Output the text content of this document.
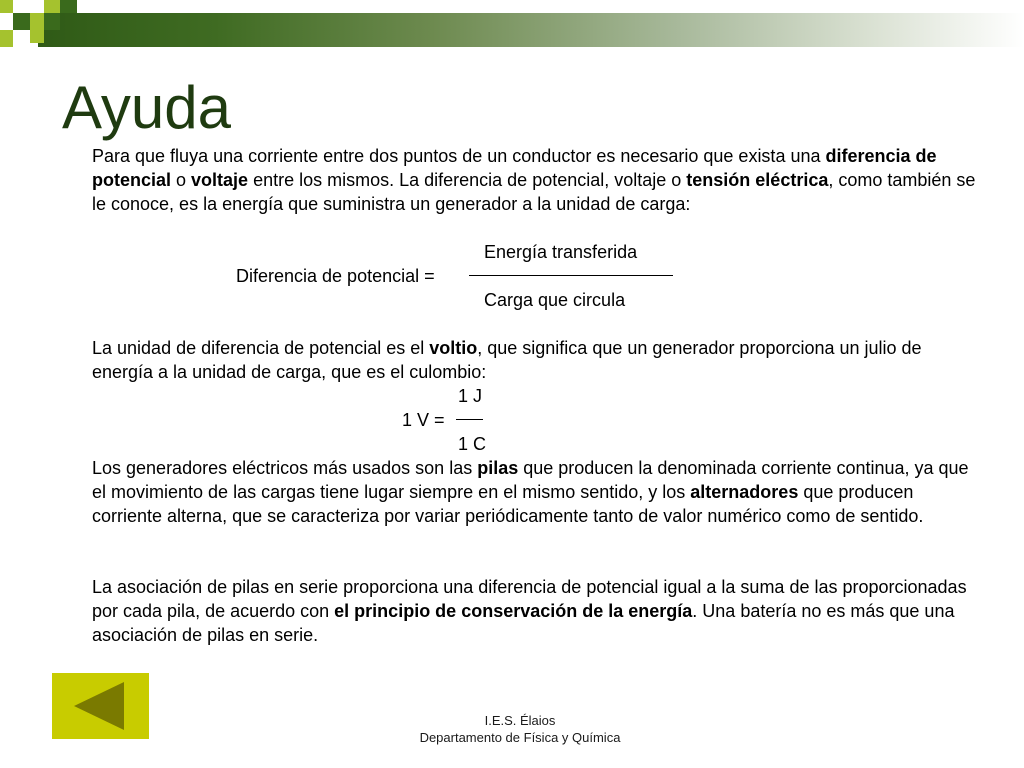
Ayuda

Para que fluya una corriente entre dos puntos de un conductor es necesario que exista una diferencia de potencial o voltaje entre los mismos. La diferencia de potencial, voltaje o tensión eléctrica, como también se le conoce, es la energía que suministra un generador a la unidad de carga:

Energía transferida
Diferencia de potencial =
Carga que circula

La unidad de diferencia de potencial es el voltio, que significa que un generador proporciona un julio de energía a la unidad de carga, que es el culombio:

1 J
1 V =
1 C

Los generadores eléctricos más usados son las pilas que producen la denominada corriente continua, ya que el movimiento de las cargas tiene lugar siempre en el mismo sentido, y los alternadores que producen corriente alterna, que se caracteriza por variar periódicamente tanto de valor numérico como de sentido.

La asociación de pilas en serie proporciona una diferencia de potencial igual a la suma de las proporcionadas por cada pila, de acuerdo con el principio de conservación de la energía. Una batería no es más que una asociación de pilas en serie.

I.E.S. Élaios
Departamento de Física y Química
